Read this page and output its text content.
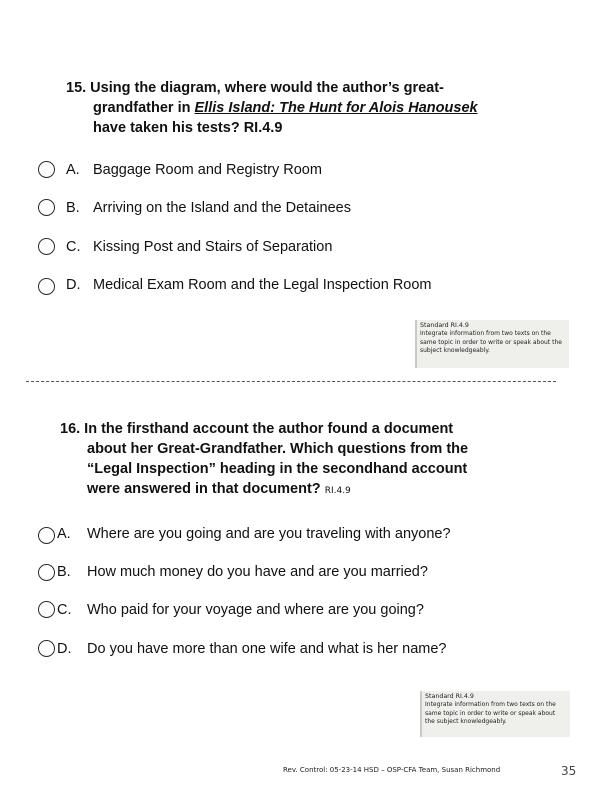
15. Using the diagram, where would the author’s great-
grandfather in Ellis Island: The Hunt for Alois Hanousek
have taken his tests? RI.4.9
A. Baggage Room and Registry Room
B. Arriving on the Island and the Detainees
C. Kissing Post and Stairs of Separation
D. Medical Exam Room and the Legal Inspection Room
Standard RI.4.9
Integrate information from two texts on the same topic in order to write or speak about the subject knowledgeably.
16. In the firsthand account the author found a document
about her Great-Grandfather. Which questions from the
“Legal Inspection” heading in the secondhand account
were answered in that document? RI.4.9
A. Where are you going and are you traveling with anyone?
B. How much money do you have and are you married?
C. Who paid for your voyage and where are you going?
D. Do you have more than one wife and what is her name?
Standard RI.4.9
Integrate information from two texts on the same topic in order to write or speak about the subject knowledgeably.
Rev. Control: 05-23-14 HSD – OSP-CFA Team, Susan Richmond	35
